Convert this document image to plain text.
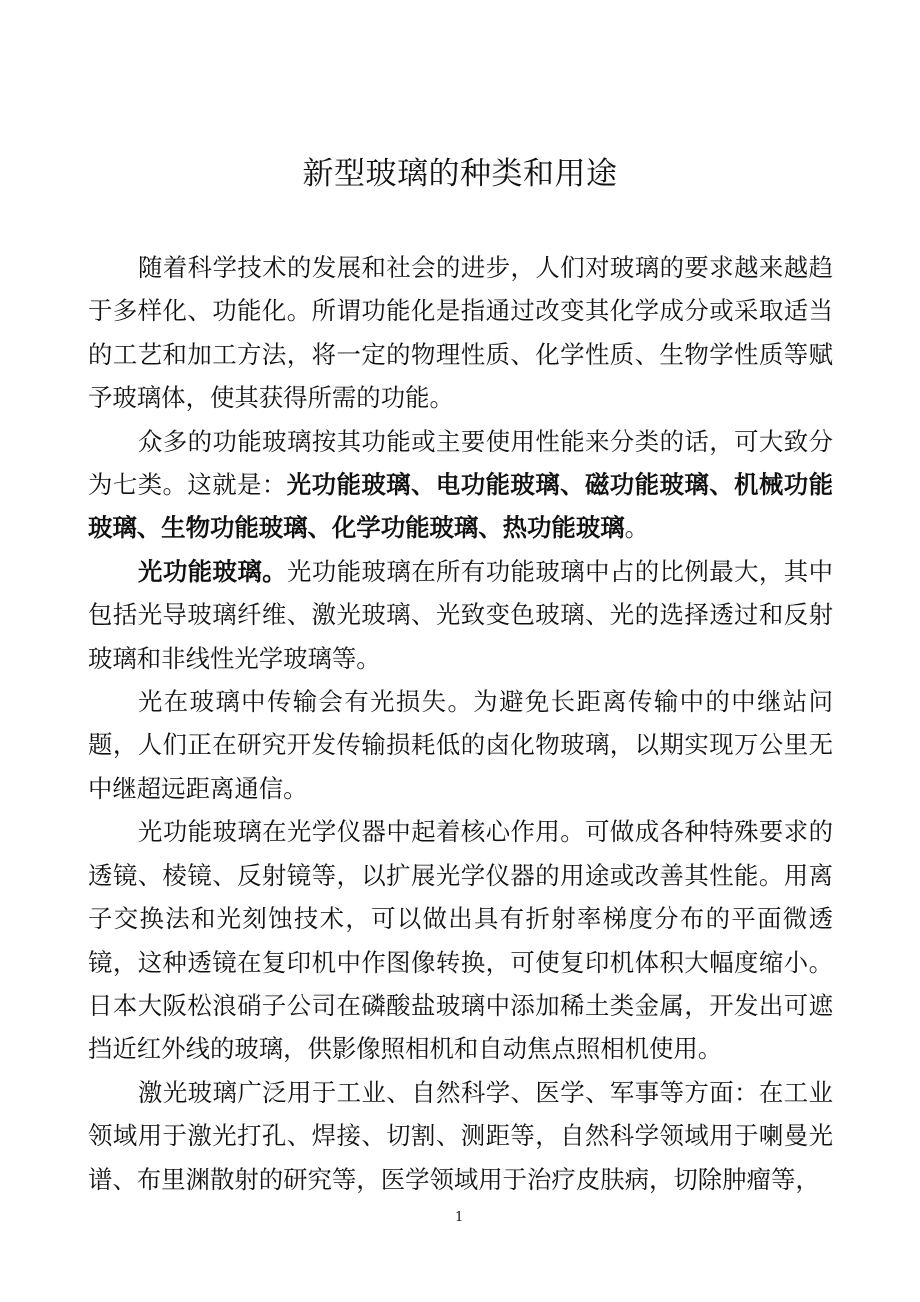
新型玻璃的种类和用途

随着科学技术的发展和社会的进步，人们对玻璃的要求越来越趋于多样化、功能化。所谓功能化是指通过改变其化学成分或采取适当的工艺和加工方法，将一定的物理性质、化学性质、生物学性质等赋予玻璃体，使其获得所需的功能。

众多的功能玻璃按其功能或主要使用性能来分类的话，可大致分为七类。这就是：光功能玻璃、电功能玻璃、磁功能玻璃、机械功能玻璃、生物功能玻璃、化学功能玻璃、热功能玻璃。

光功能玻璃。光功能玻璃在所有功能玻璃中占的比例最大，其中包括光导玻璃纤维、激光玻璃、光致变色玻璃、光的选择透过和反射玻璃和非线性光学玻璃等。

光在玻璃中传输会有光损失。为避免长距离传输中的中继站问题，人们正在研究开发传输损耗低的卤化物玻璃，以期实现万公里无中继超远距离通信。

光功能玻璃在光学仪器中起着核心作用。可做成各种特殊要求的透镜、棱镜、反射镜等，以扩展光学仪器的用途或改善其性能。用离子交换法和光刻蚀技术，可以做出具有折射率梯度分布的平面微透镜，这种透镜在复印机中作图像转换，可使复印机体积大幅度缩小。日本大阪松浪硝子公司在磷酸盐玻璃中添加稀土类金属，开发出可遮挡近红外线的玻璃，供影像照相机和自动焦点照相机使用。

激光玻璃广泛用于工业、自然科学、医学、军事等方面：在工业领域用于激光打孔、焊接、切割、测距等，自然科学领域用于喇曼光谱、布里渊散射的研究等，医学领域用于治疗皮肤病，切除肿瘤等，

1
